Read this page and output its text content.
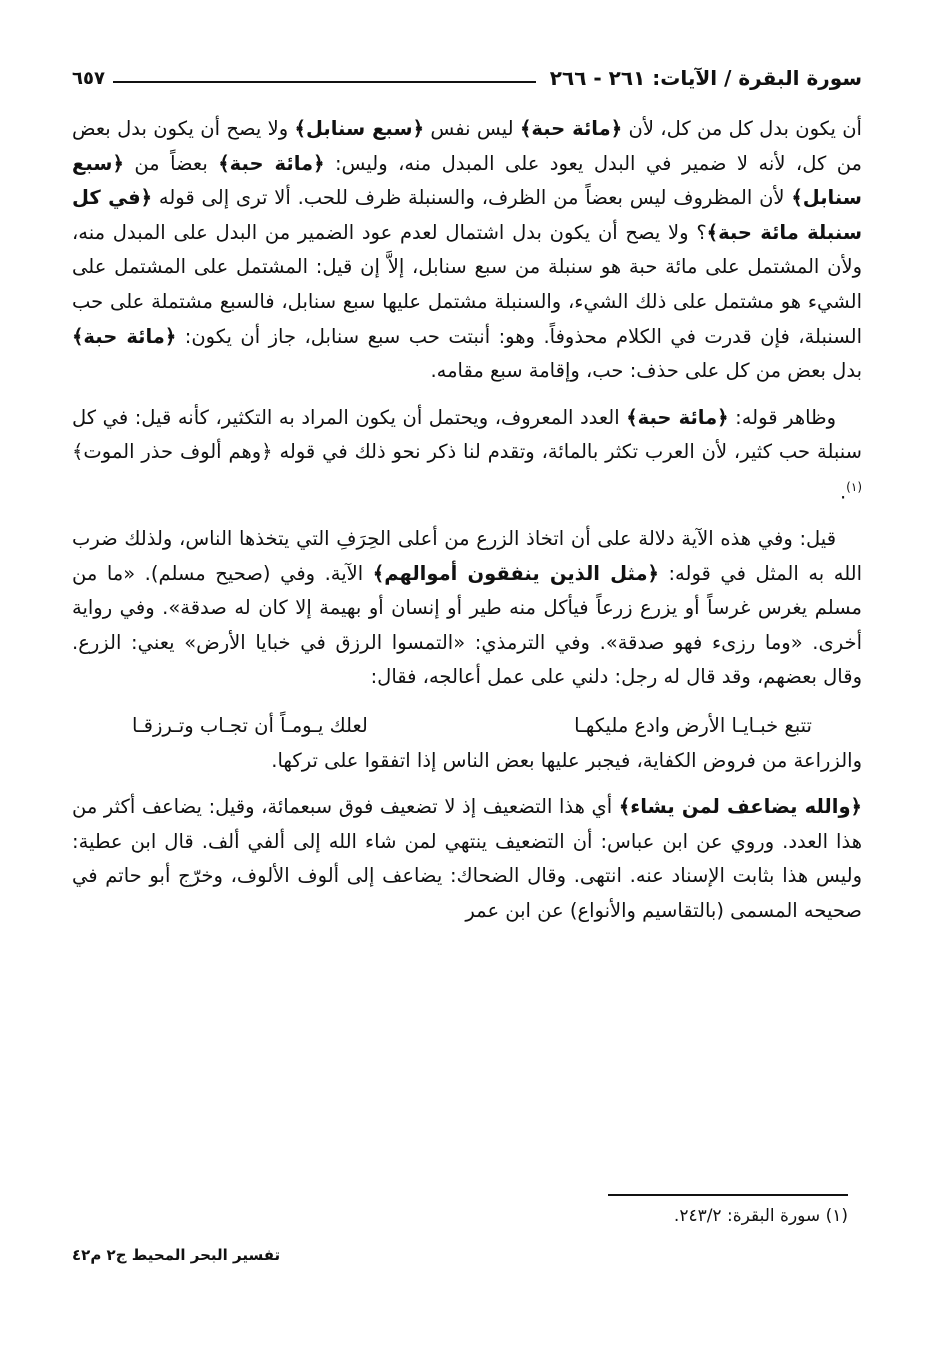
سورة البقرة / الآيات: ٢٦١ - ٢٦٦
٦٥٧
أن يكون بدل كل من كل، لأن ﴿مائة حبة﴾ ليس نفس ﴿سبع سنابل﴾ ولا يصح أن يكون بدل بعض من كل، لأنه لا ضمير في البدل يعود على المبدل منه، وليس: ﴿مائة حبة﴾ بعضاً من ﴿سبع سنابل﴾ لأن المظروف ليس بعضاً من الظرف، والسنبلة ظرف للحب. ألا ترى إلى قوله ﴿في كل سنبلة مائة حبة﴾؟ ولا يصح أن يكون بدل اشتمال لعدم عود الضمير من البدل على المبدل منه، ولأن المشتمل على مائة حبة هو سنبلة من سبع سنابل، إلاَّ إن قيل: المشتمل على المشتمل على الشيء هو مشتمل على ذلك الشيء، والسنبلة مشتمل عليها سبع سنابل، فالسبع مشتملة على حب السنبلة، فإن قدرت في الكلام محذوفاً. وهو: أنبتت حب سبع سنابل، جاز أن يكون: ﴿مائة حبة﴾ بدل بعض من كل على حذف: حب، وإقامة سبع مقامه.
وظاهر قوله: ﴿مائة حبة﴾ العدد المعروف، ويحتمل أن يكون المراد به التكثير، كأنه قيل: في كل سنبلة حب كثير، لأن العرب تكثر بالمائة، وتقدم لنا ذكر نحو ذلك في قوله ﴿وهم ألوف حذر الموت﴾$^{(١)}$.
قيل: وفي هذه الآية دلالة على أن اتخاذ الزرع من أعلى الحِرَفِ التي يتخذها الناس، ولذلك ضرب الله به المثل في قوله: ﴿مثل الذين ينفقون أموالهم﴾ الآية. وفي (صحيح مسلم). «ما من مسلم يغرس غرساً أو يزرع زرعاً فيأكل منه طير أو إنسان أو بهيمة إلا كان له صدقة». وفي رواية أخرى. «وما رزىء فهو صدقة». وفي الترمذي: «التمسوا الرزق في خبايا الأرض» يعني: الزرع. وقال بعضهم، وقد قال له رجل: دلني على عمل أعالجه، فقال:
تتبع خبـايـا الأرض وادع مليكهـا
لعلك يـومـاً أن تجـاب وتـرزقـا
والزراعة من فروض الكفاية، فيجبر عليها بعض الناس إذا اتفقوا على تركها.
﴿والله يضاعف لمن يشاء﴾ أي هذا التضعيف إذ لا تضعيف فوق سبعمائة، وقيل: يضاعف أكثر من هذا العدد. وروي عن ابن عباس: أن التضعيف ينتهي لمن شاء الله إلى ألفي ألف. قال ابن عطية: وليس هذا بثابت الإسناد عنه. انتهى. وقال الضحاك: يضاعف إلى ألوف الألوف، وخرّج أبو حاتم في صحيحه المسمى (بالتقاسيم والأنواع) عن ابن عمر
(١) سورة البقرة: ٢٤٣/٢.
تفسير البحر المحيط ج٢ م٤٢
